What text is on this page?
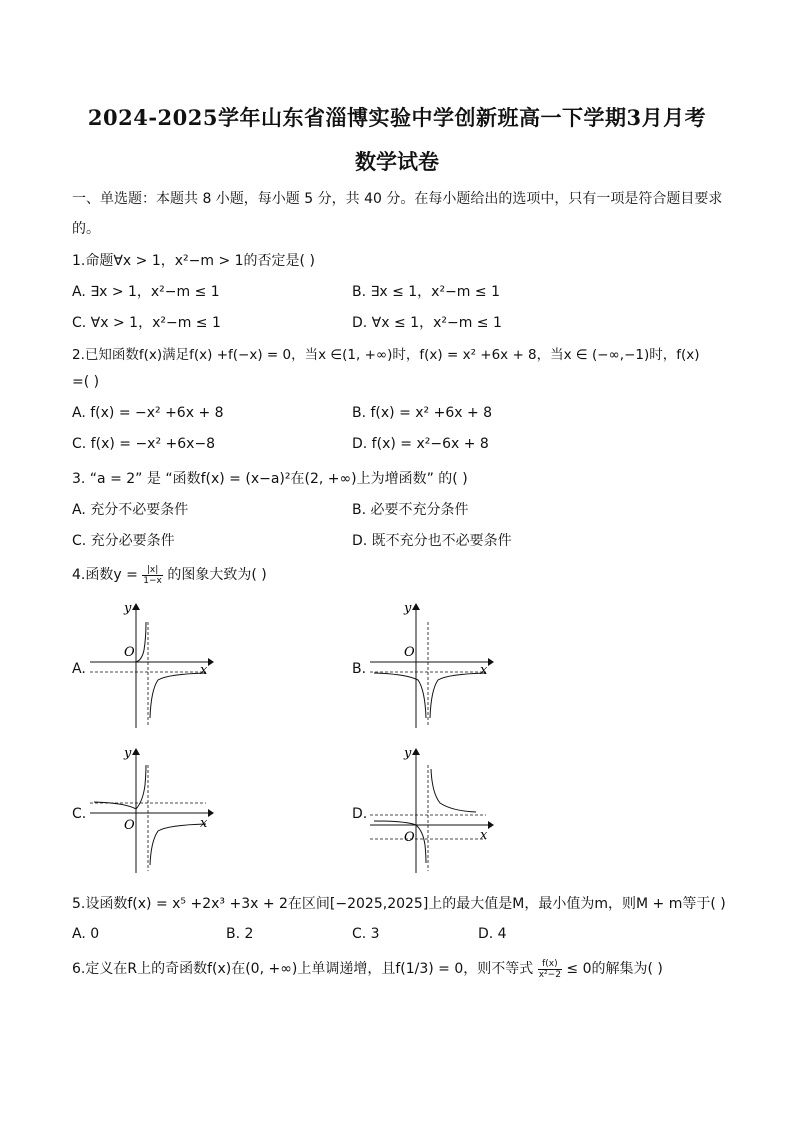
2024-2025学年山东省淄博实验中学创新班高一下学期3月月考
数学试卷
一、单选题：本题共 8 小题，每小题 5 分，共 40 分。在每小题给出的选项中，只有一项是符合题目要求
的。
1.命题∀x > 1，x²−m > 1的否定是( )
A. ∃x > 1，x²−m ≤ 1	B. ∃x ≤ 1，x²−m ≤ 1
C. ∀x > 1，x²−m ≤ 1	D. ∀x ≤ 1，x²−m ≤ 1
2.已知函数f(x)满足f(x) +f(−x) = 0，当x ∈(1, +∞)时，f(x) = x² +6x + 8，当x ∈ (−∞,−1)时，f(x)
=( )
A. f(x) = −x² +6x + 8	B. f(x) = x² +6x + 8
C. f(x) = −x² +6x−8	D. f(x) = x²−6x + 8
3. “a = 2” 是 “函数f(x) = (x−a)²在(2, +∞)上为增函数” 的( )
A. 充分不必要条件	B. 必要不充分条件
C. 充分必要条件	D. 既不充分也不必要条件
4.函数$y = \frac{|x|}{1-x}$ 的图象大致为( )
A.	B.
C.	D.
O
y
x
O
y
x
O
y
x
O
y
x
5.设函数f(x) = x⁵ +2x³ +3x + 2在区间[−2025,2025]上的最大值是M，最小值为m，则M + m等于( )
A. 0	B. 2	C. 3	D. 4
6.定义在R上的奇函数f(x)在(0, +∞)上单调递增，且f(1/3) = 0，则不等式 $\frac{f(x)}{\text{x²−2}} \le 0$的解集为( )
